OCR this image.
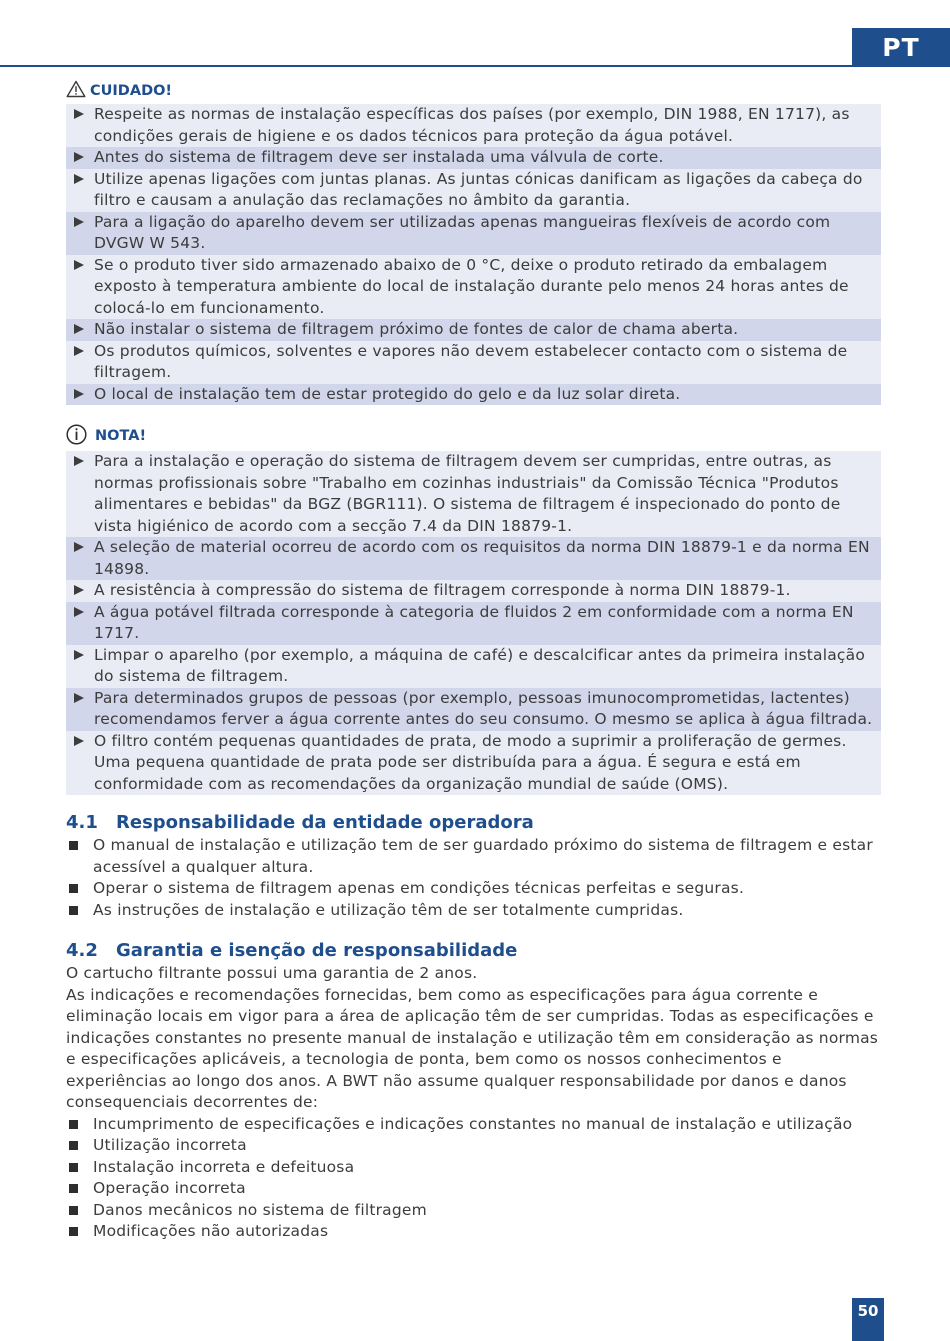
PT
CUIDADO!
Respeite as normas de instalação específicas dos países (por exemplo, DIN 1988, EN 1717), as condições gerais de higiene e os dados técnicos para proteção da água potável.
Antes do sistema de filtragem deve ser instalada uma válvula de corte.
Utilize apenas ligações com juntas planas. As juntas cónicas danificam as ligações da cabeça do filtro e causam a anulação das reclamações no âmbito da garantia.
Para a ligação do aparelho devem ser utilizadas apenas mangueiras flexíveis de acordo com DVGW W 543.
Se o produto tiver sido armazenado abaixo de 0 °C, deixe o produto retirado da embalagem exposto à temperatura ambiente do local de instalação durante pelo menos 24 horas antes de colocá-lo em funcionamento.
Não instalar o sistema de filtragem próximo de fontes de calor de chama aberta.
Os produtos químicos, solventes e vapores não devem estabelecer contacto com o sistema de filtragem.
O local de instalação tem de estar protegido do gelo e da luz solar direta.
NOTA!
Para a instalação e operação do sistema de filtragem devem ser cumpridas, entre outras, as normas profissionais sobre "Trabalho em cozinhas industriais" da Comissão Técnica "Produtos alimentares e bebidas" da BGZ (BGR111). O sistema de filtragem é inspecionado do ponto de vista higiénico de acordo com a secção 7.4 da DIN 18879-1.
A seleção de material ocorreu de acordo com os requisitos da norma DIN 18879-1 e da norma EN 14898.
A resistência à compressão do sistema de filtragem corresponde à norma DIN 18879-1.
A água potável filtrada corresponde à categoria de fluidos 2 em conformidade com a norma EN 1717.
Limpar o aparelho (por exemplo, a máquina de café) e descalcificar antes da primeira instalação do sistema de filtragem.
Para determinados grupos de pessoas (por exemplo, pessoas imunocomprometidas, lactentes) recomendamos ferver a água corrente antes do seu consumo. O mesmo se aplica à água filtrada.
O filtro contém pequenas quantidades de prata, de modo a suprimir a proliferação de germes. Uma pequena quantidade de prata pode ser distribuída para a água. É segura e está em conformidade com as recomendações da organização mundial de saúde (OMS).
4.1	Responsabilidade da entidade operadora
O manual de instalação e utilização tem de ser guardado próximo do sistema de filtragem e estar acessível a qualquer altura.
Operar o sistema de filtragem apenas em condições técnicas perfeitas e seguras.
As instruções de instalação e utilização têm de ser totalmente cumpridas.
4.2	Garantia e isenção de responsabilidade

O cartucho filtrante possui uma garantia de 2 anos.

As indicações e recomendações fornecidas, bem como as especificações para água corrente e eliminação locais em vigor para a área de aplicação têm de ser cumpridas. Todas as especificações e indicações constantes no presente manual de instalação e utilização têm em consideração as normas e especificações aplicáveis, a tecnologia de ponta, bem como os nossos conhecimentos e experiências ao longo dos anos. A BWT não assume qualquer responsabilidade por danos e danos consequenciais decorrentes de:

Incumprimento de especificações e indicações constantes no manual de instalação e utilização
Utilização incorreta
Instalação incorreta e defeituosa
Operação incorreta
Danos mecânicos no sistema de filtragem
Modificações não autorizadas
50
